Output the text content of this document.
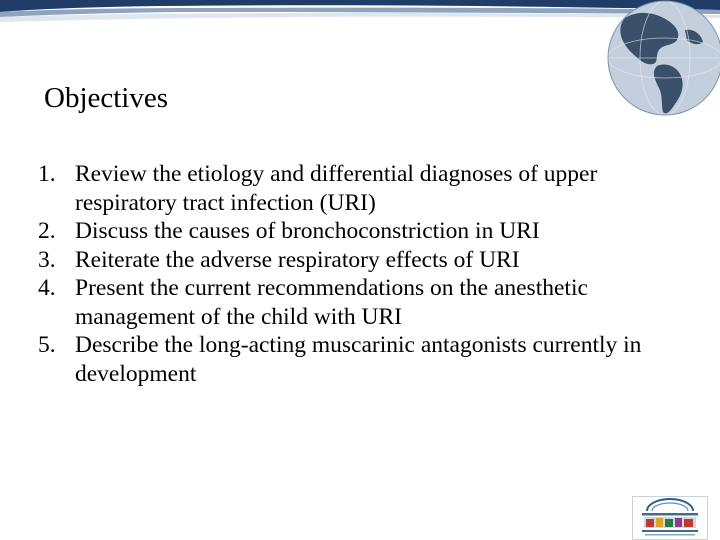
Objectives
1. Review the etiology and differential diagnoses of upper respiratory tract infection (URI)
2. Discuss the causes of bronchoconstriction in URI
3. Reiterate the adverse respiratory effects of URI
4. Present the current recommendations on the anesthetic management of the child with URI
5. Describe the long-acting muscarinic antagonists currently in development
